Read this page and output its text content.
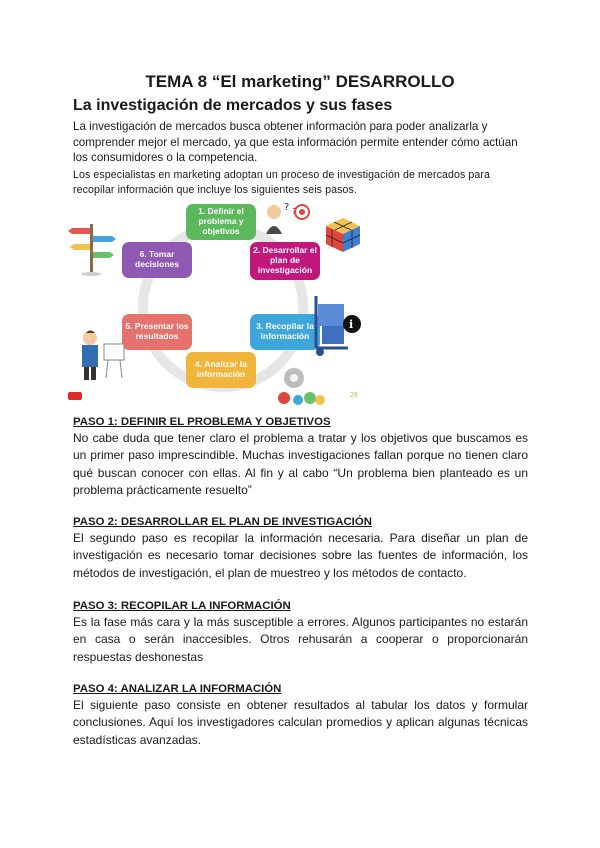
TEMA 8 “El marketing” DESARROLLO
La investigación de mercados y sus fases

La investigación de mercados busca obtener información para poder analizarla y comprender mejor el mercado, ya que esta información permite entender cómo actúan los consumidores o la competencia.

Los especialistas en marketing adoptan un proceso de investigación de mercados para recopilar información que incluye los siguientes seis pasos.

1. Definir el problema y objetivos
2. Desarrollar el plan de investigación
3. Recopilar la información
4. Analizar la información
5. Presentar los resultados
6. Tomar decisiones
? ?
i
28
PASO 1: DEFINIR EL PROBLEMA Y OBJETIVOS

No cabe duda que tener claro el problema a tratar y los objetivos que buscamos es un primer paso imprescindible. Muchas investigaciones fallan porque no tienen claro qué buscan conocer con ellas. Al fin y al cabo “Un problema bien planteado es un problema prácticamente resuelto”

PASO 2: DESARROLLAR EL PLAN DE INVESTIGACIÓN

El segundo paso es recopilar la información necesaria. Para diseñar un plan de investigación es necesario tomar decisiones sobre las fuentes de información, los métodos de investigación, el plan de muestreo y los métodos de contacto.

PASO 3: RECOPILAR LA INFORMACIÓN

Es la fase más cara y la más susceptible a errores. Algunos participantes no estarán en casa o serán inaccesibles. Otros rehusarán a cooperar o proporcionarán respuestas deshonestas

PASO 4: ANALIZAR LA INFORMACIÓN

El siguiente paso consiste en obtener resultados al tabular los datos y formular conclusiones. Aquí los investigadores calculan promedios y aplican algunas técnicas estadísticas avanzadas.
